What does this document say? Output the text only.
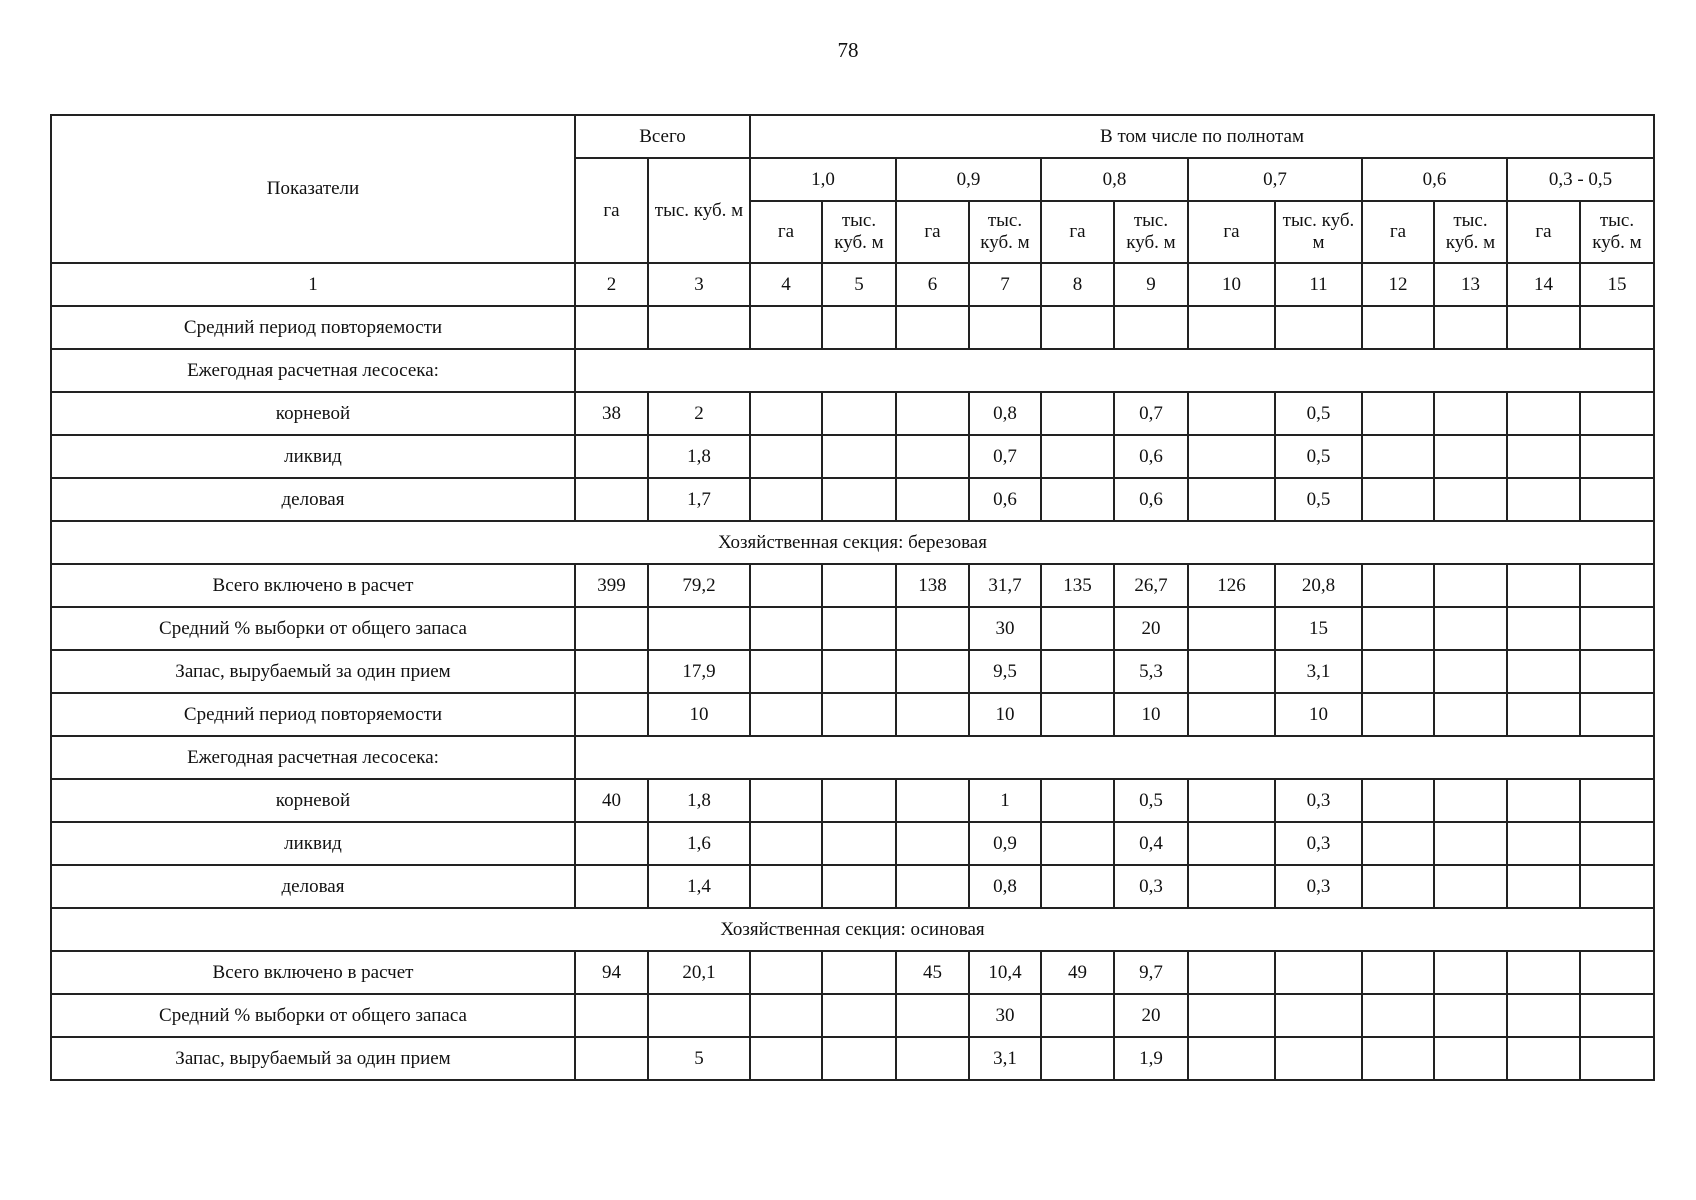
78
Показатели	Всего		В том числе по полнотам											
	га	тыс. куб. м	1,0		0,9		0,8		0,7		0,6		0,3 - 0,5	
			га	тыс. куб. м	га	тыс. куб. м	га	тыс. куб. м	га	тыс. куб. м	га	тыс. куб. м	га	тыс. куб. м
1	2	3	4	5	6	7	8	9	10	11	12	13	14	15
Средний период повторяемости														
Ежегодная расчетная лесосека:														
корневой	38	2				0,8		0,7		0,5				
ликвид		1,8				0,7		0,6		0,5				
деловая		1,7				0,6		0,6		0,5				
Хозяйственная секция: березовая														
Всего включено в расчет	399	79,2			138	31,7	135	26,7	126	20,8				
Средний % выборки от общего запаса						30		20		15				
Запас, вырубаемый за один прием		17,9				9,5		5,3		3,1				
Средний период повторяемости		10				10		10		10				
Ежегодная расчетная лесосека:														
корневой	40	1,8				1		0,5		0,3				
ликвид		1,6				0,9		0,4		0,3				
деловая		1,4				0,8		0,3		0,3				
Хозяйственная секция: осиновая														
Всего включено в расчет	94	20,1			45	10,4	49	9,7						
Средний % выборки от общего запаса						30		20						
Запас, вырубаемый за один прием		5				3,1		1,9						
